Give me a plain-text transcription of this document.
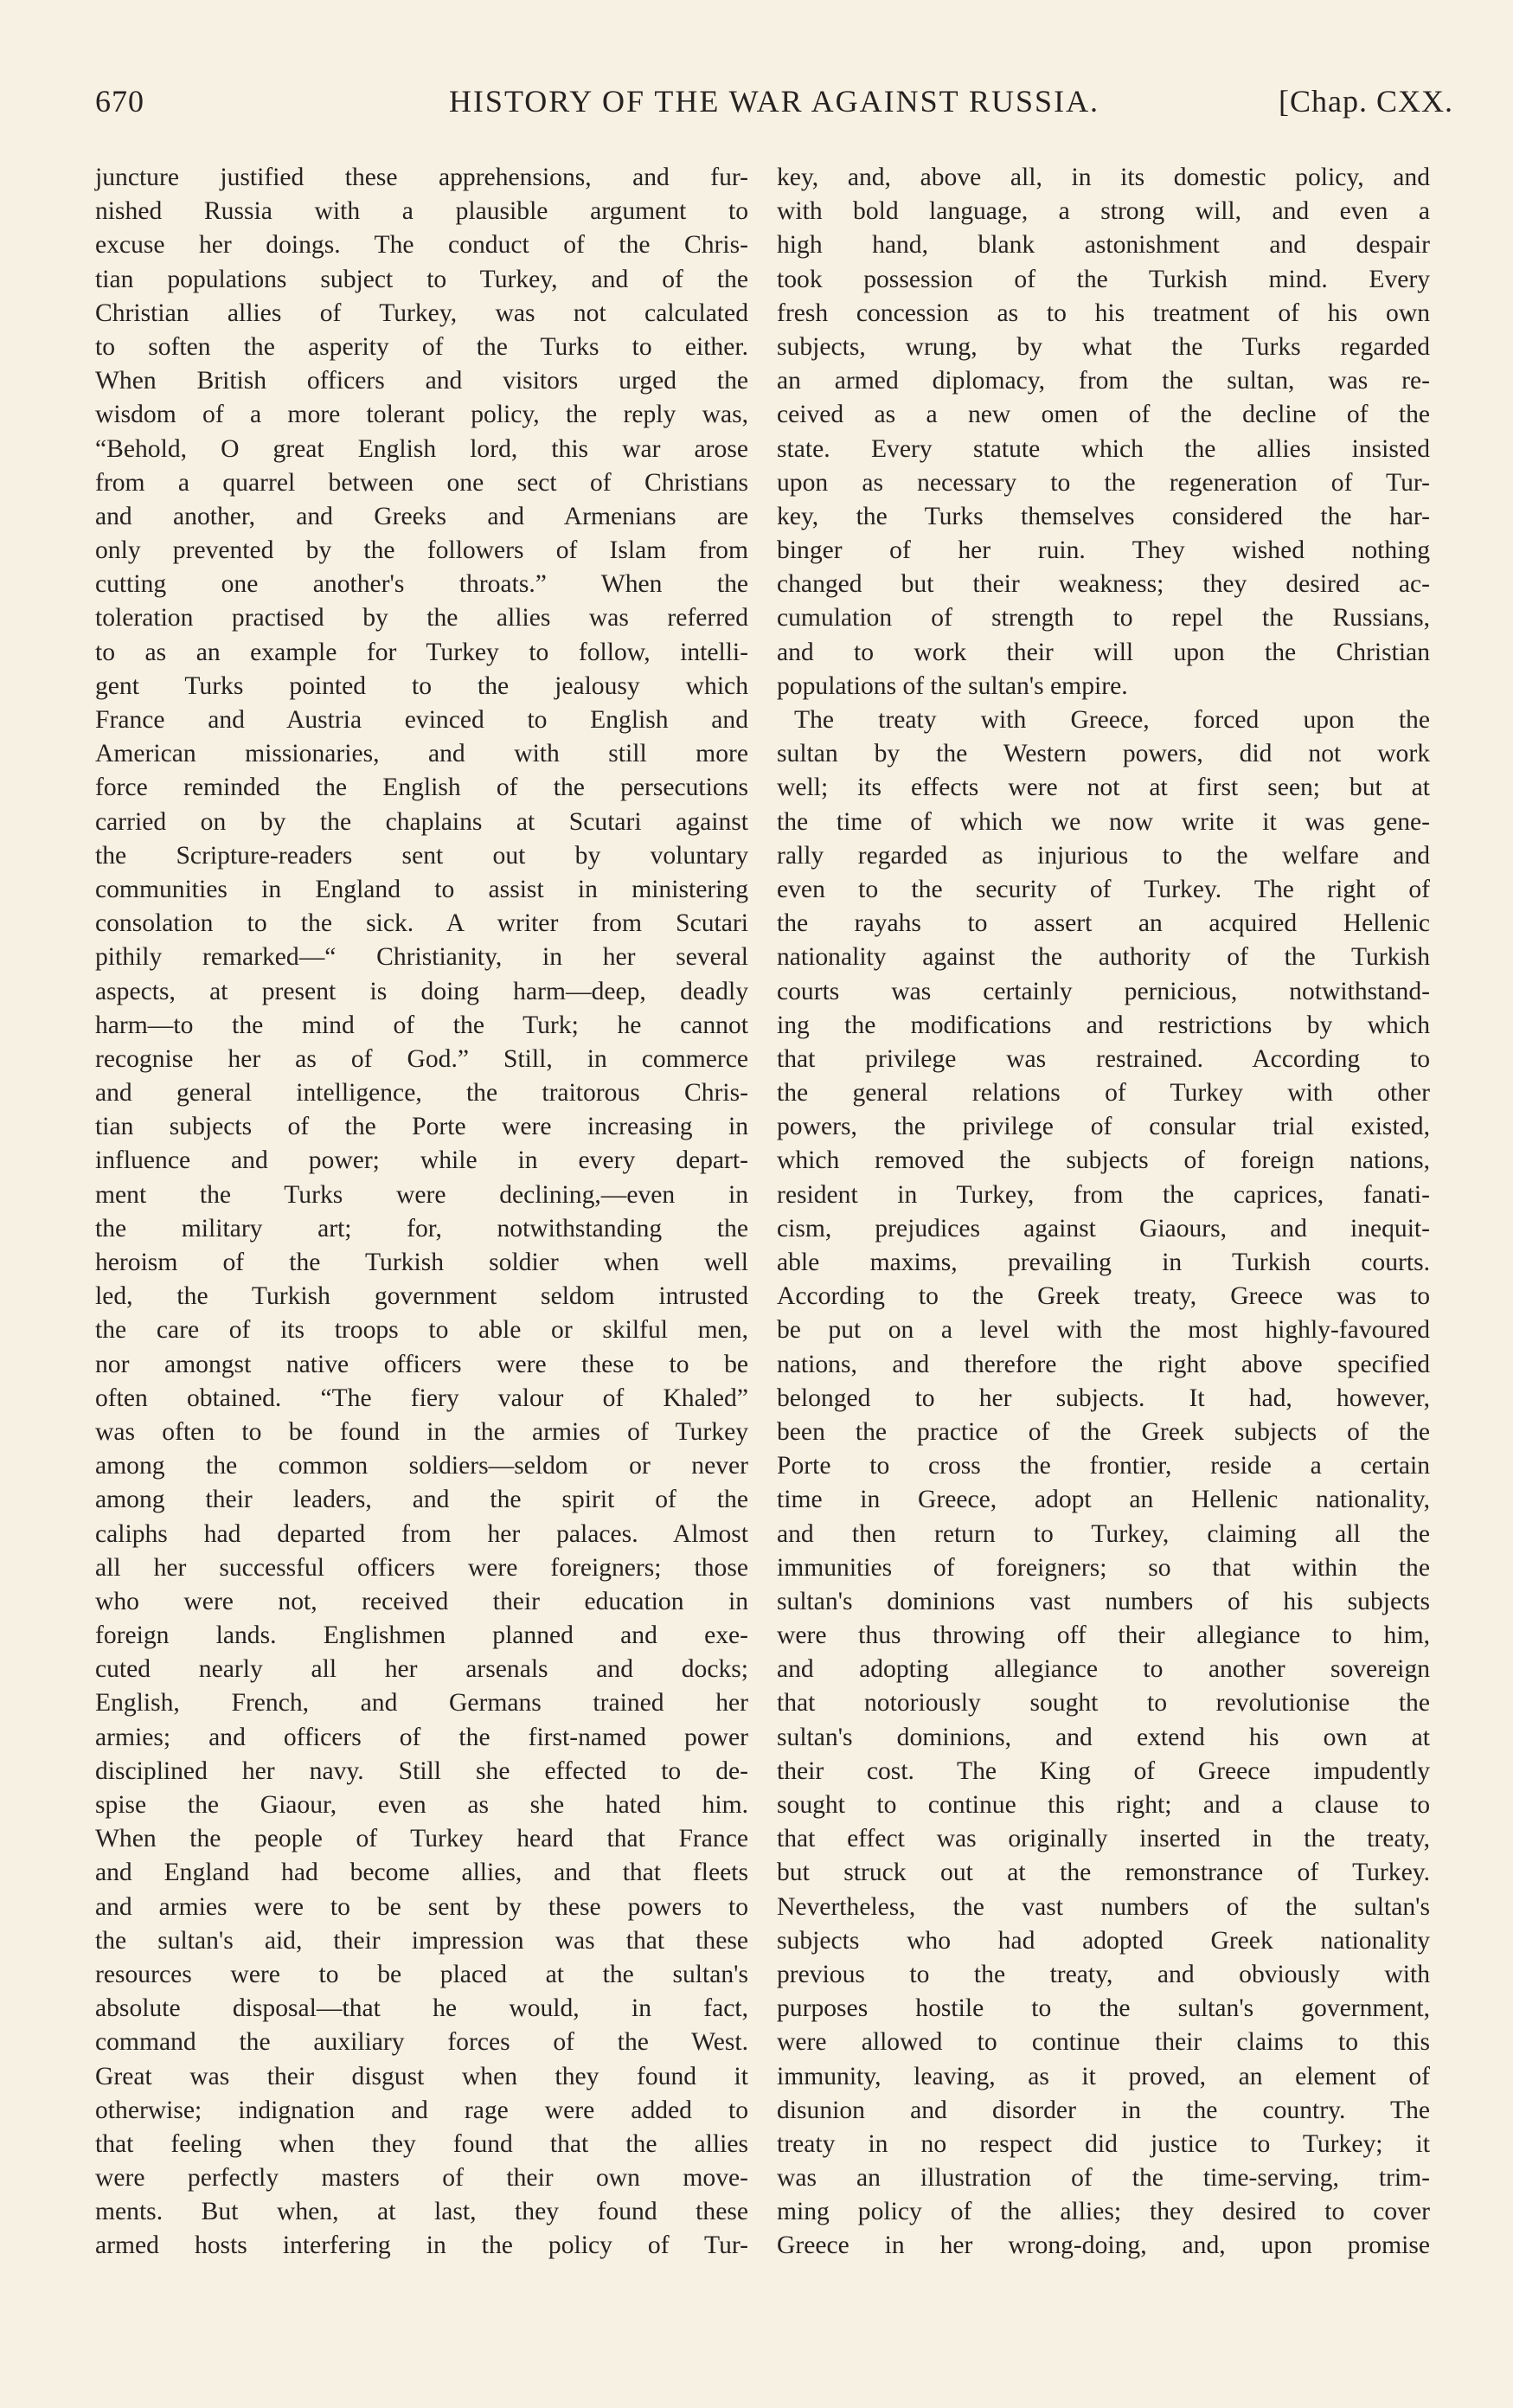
670	HISTORY OF THE WAR AGAINST RUSSIA.	[Chap. CXX.
juncture justified these apprehensions, and fur-
nished Russia with a plausible argument to
excuse her doings. The conduct of the Chris-
tian populations subject to Turkey, and of the
Christian allies of Turkey, was not calculated
to soften the asperity of the Turks to either.
When British officers and visitors urged the
wisdom of a more tolerant policy, the reply was,
“Behold, O great English lord, this war arose
from a quarrel between one sect of Christians
and another, and Greeks and Armenians are
only prevented by the followers of Islam from
cutting one another's throats.” When the
toleration practised by the allies was referred
to as an example for Turkey to follow, intelli-
gent Turks pointed to the jealousy which
France and Austria evinced to English and
American missionaries, and with still more
force reminded the English of the persecutions
carried on by the chaplains at Scutari against
the Scripture-readers sent out by voluntary
communities in England to assist in ministering
consolation to the sick. A writer from Scutari
pithily remarked—“ Christianity, in her several
aspects, at present is doing harm—deep, deadly
harm—to the mind of the Turk; he cannot
recognise her as of God.” Still, in commerce
and general intelligence, the traitorous Chris-
tian subjects of the Porte were increasing in
influence and power; while in every depart-
ment the Turks were declining,—even in
the military art; for, notwithstanding the
heroism of the Turkish soldier when well
led, the Turkish government seldom intrusted
the care of its troops to able or skilful men,
nor amongst native officers were these to be
often obtained. “The fiery valour of Khaled”
was often to be found in the armies of Turkey
among the common soldiers—seldom or never
among their leaders, and the spirit of the
caliphs had departed from her palaces. Almost
all her successful officers were foreigners; those
who were not, received their education in
foreign lands. Englishmen planned and exe-
cuted nearly all her arsenals and docks;
English, French, and Germans trained her
armies; and officers of the first-named power
disciplined her navy. Still she effected to de-
spise the Giaour, even as she hated him.
When the people of Turkey heard that France
and England had become allies, and that fleets
and armies were to be sent by these powers to
the sultan's aid, their impression was that these
resources were to be placed at the sultan's
absolute disposal—that he would, in fact,
command the auxiliary forces of the West.
Great was their disgust when they found it
otherwise; indignation and rage were added to
that feeling when they found that the allies
were perfectly masters of their own move-
ments. But when, at last, they found these
armed hosts interfering in the policy of Tur-
key, and, above all, in its domestic policy, and
with bold language, a strong will, and even a
high hand, blank astonishment and despair
took possession of the Turkish mind. Every
fresh concession as to his treatment of his own
subjects, wrung, by what the Turks regarded
an armed diplomacy, from the sultan, was re-
ceived as a new omen of the decline of the
state. Every statute which the allies insisted
upon as necessary to the regeneration of Tur-
key, the Turks themselves considered the har-
binger of her ruin. They wished nothing
changed but their weakness; they desired ac-
cumulation of strength to repel the Russians,
and to work their will upon the Christian
populations of the sultan's empire.
The treaty with Greece, forced upon the
sultan by the Western powers, did not work
well; its effects were not at first seen; but at
the time of which we now write it was gene-
rally regarded as injurious to the welfare and
even to the security of Turkey. The right of
the rayahs to assert an acquired Hellenic
nationality against the authority of the Turkish
courts was certainly pernicious, notwithstand-
ing the modifications and restrictions by which
that privilege was restrained. According to
the general relations of Turkey with other
powers, the privilege of consular trial existed,
which removed the subjects of foreign nations,
resident in Turkey, from the caprices, fanati-
cism, prejudices against Giaours, and inequit-
able maxims, prevailing in Turkish courts.
According to the Greek treaty, Greece was to
be put on a level with the most highly-favoured
nations, and therefore the right above specified
belonged to her subjects. It had, however,
been the practice of the Greek subjects of the
Porte to cross the frontier, reside a certain
time in Greece, adopt an Hellenic nationality,
and then return to Turkey, claiming all the
immunities of foreigners; so that within the
sultan's dominions vast numbers of his subjects
were thus throwing off their allegiance to him,
and adopting allegiance to another sovereign
that notoriously sought to revolutionise the
sultan's dominions, and extend his own at
their cost. The King of Greece impudently
sought to continue this right; and a clause to
that effect was originally inserted in the treaty,
but struck out at the remonstrance of Turkey.
Nevertheless, the vast numbers of the sultan's
subjects who had adopted Greek nationality
previous to the treaty, and obviously with
purposes hostile to the sultan's government,
were allowed to continue their claims to this
immunity, leaving, as it proved, an element of
disunion and disorder in the country. The
treaty in no respect did justice to Turkey; it
was an illustration of the time-serving, trim-
ming policy of the allies; they desired to cover
Greece in her wrong-doing, and, upon promise
